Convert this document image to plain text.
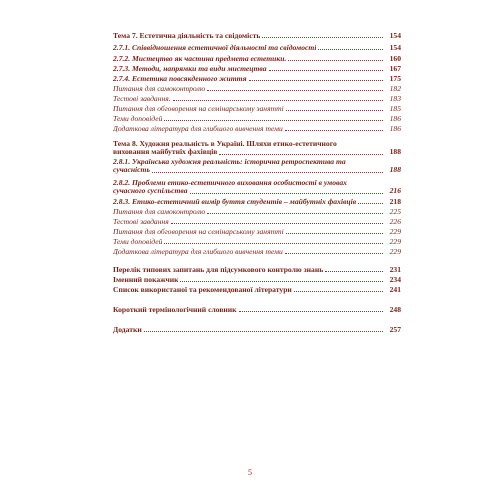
Тема 7. Естетична діяльність та свідомість	154
2.7.1. Співвідношення естетичної діяльності та свідомості	154
2.7.2. Мистецтво як частина предмета естетики.	160
2.7.3. Методи, напрямки та види мистецтва	167
2.7.4. Естетика повсякденного життя	175
Питання для самоконтролю	182
Тестові завдання.	183
Питання для обговорення на семінарському занятті	185
Теми доповідей	186
Додаткова література для глибшого вивчення теми	186
Тема 8. Художня реальність в Україні. Шляхи етико-естетичного
виховання майбутніх фахівців	188
2.8.1. Українська художня реальність: історична ретроспектива та
сучасність	188
2.8.2. Проблеми етико-естетичного виховання особистості в умовах
сучасного суспільства	216
2.8.3. Етико-естетичний вимір буття студентів – майбутніх фахівців	218
Питання для самоконтролю	225
Тестові завдання	226
Питання для обговорення на семінарському занятті	229
Теми доповідей	229
Додаткова література для глибшого вивчення теми	229
Перелік типових запитань для підсумкового контролю знань	231
Іменний покажчик	234
Список використаної та рекомендованої літератури	241
Короткий термінологічний словник	248
Додатки	257
5
